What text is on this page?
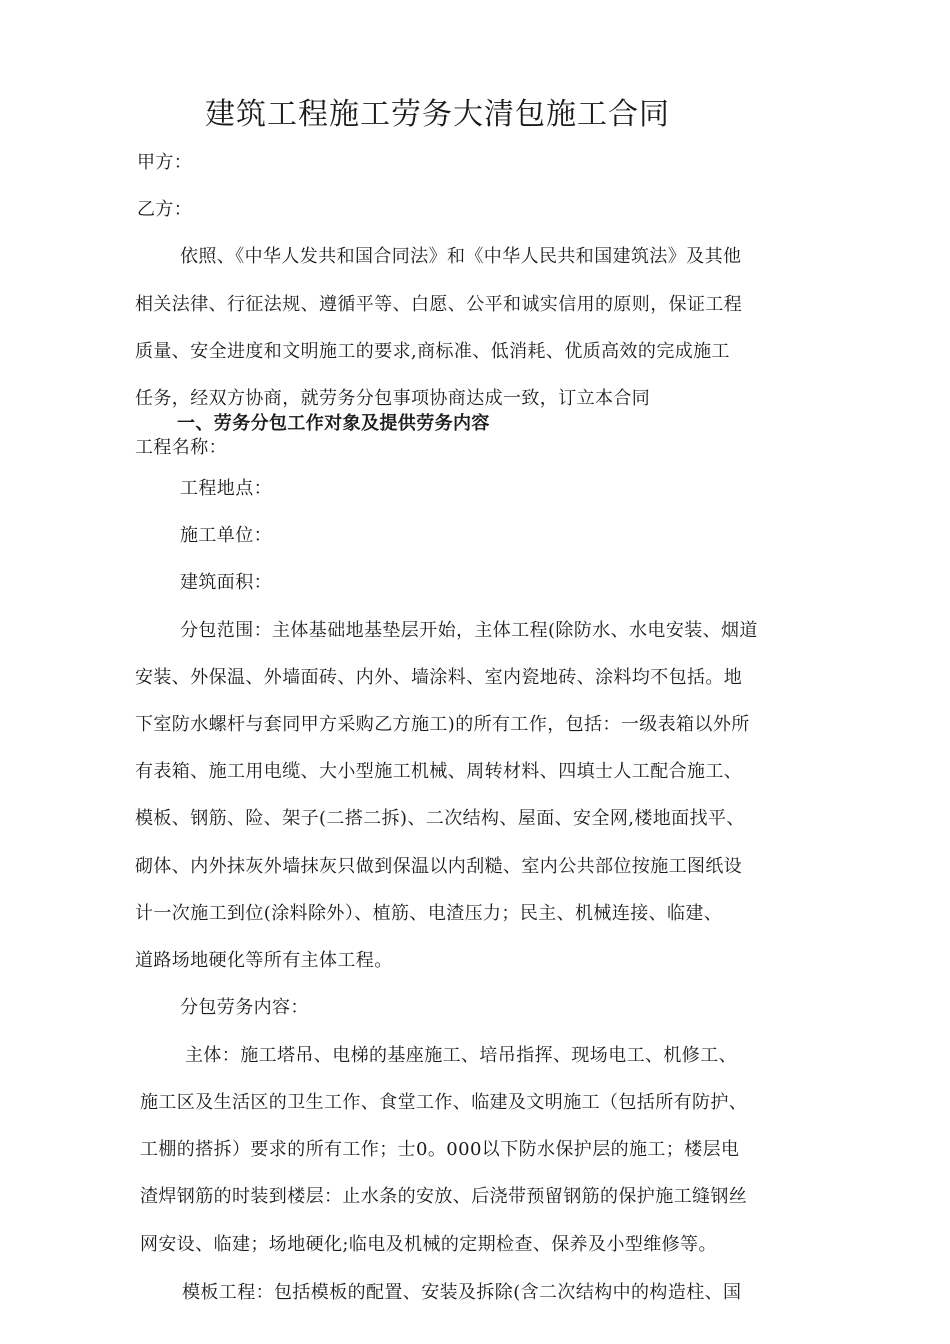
建筑工程施工劳务大清包施工合同
甲方：
乙方：
依照、《中华人发共和国合同法》和《中华人民共和国建筑法》及其他
相关法律、行征法规、遵循平等、白愿、公平和诚实信用的原则，保证工程
质量、安全进度和文明施工的要求,商标准、低消耗、优质高效的完成施工
任务，经双方协商，就劳务分包事项协商达成一致，订立本合同
一、劳务分包工作对象及提供劳务内容
工程名称：
工程地点：
施工单位：
建筑面积：
分包范围：主体基础地基垫层开始，主体工程(除防水、水电安装、烟道
安装、外保温、外墙面砖、内外、墙涂料、室内瓷地砖、涂料均不包括。地
下室防水螺杆与套同甲方采购乙方施工)的所有工作，包括：一级表箱以外所
有表箱、施工用电缆、大小型施工机械、周转材料、四填士人工配合施工、
模板、钢筋、险、架子(二搭二拆)、二次结构、屋面、安全网,楼地面找平、
砌体、内外抹灰外墙抹灰只做到保温以内刮糙、室内公共部位按施工图纸设
计一次施工到位(涂料除外）、植筋、电渣压力；民主、机械连接、临建、
道路场地硬化等所有主体工程。
分包劳务内容：
主体：施工塔吊、电梯的基座施工、培吊指挥、现场电工、机修工、
施工区及生活区的卫生工作、食堂工作、临建及文明施工（包括所有防护、
工棚的搭拆）要求的所有工作；士0。000以下防水保护层的施工；楼层电
渣焊钢筋的时装到楼层：止水条的安放、后浇带预留钢筋的保护施工缝钢丝
网安设、临建；场地硬化;临电及机械的定期检查、保养及小型维修等。
模板工程：包括模板的配置、安装及拆除(含二次结构中的构造柱、国
